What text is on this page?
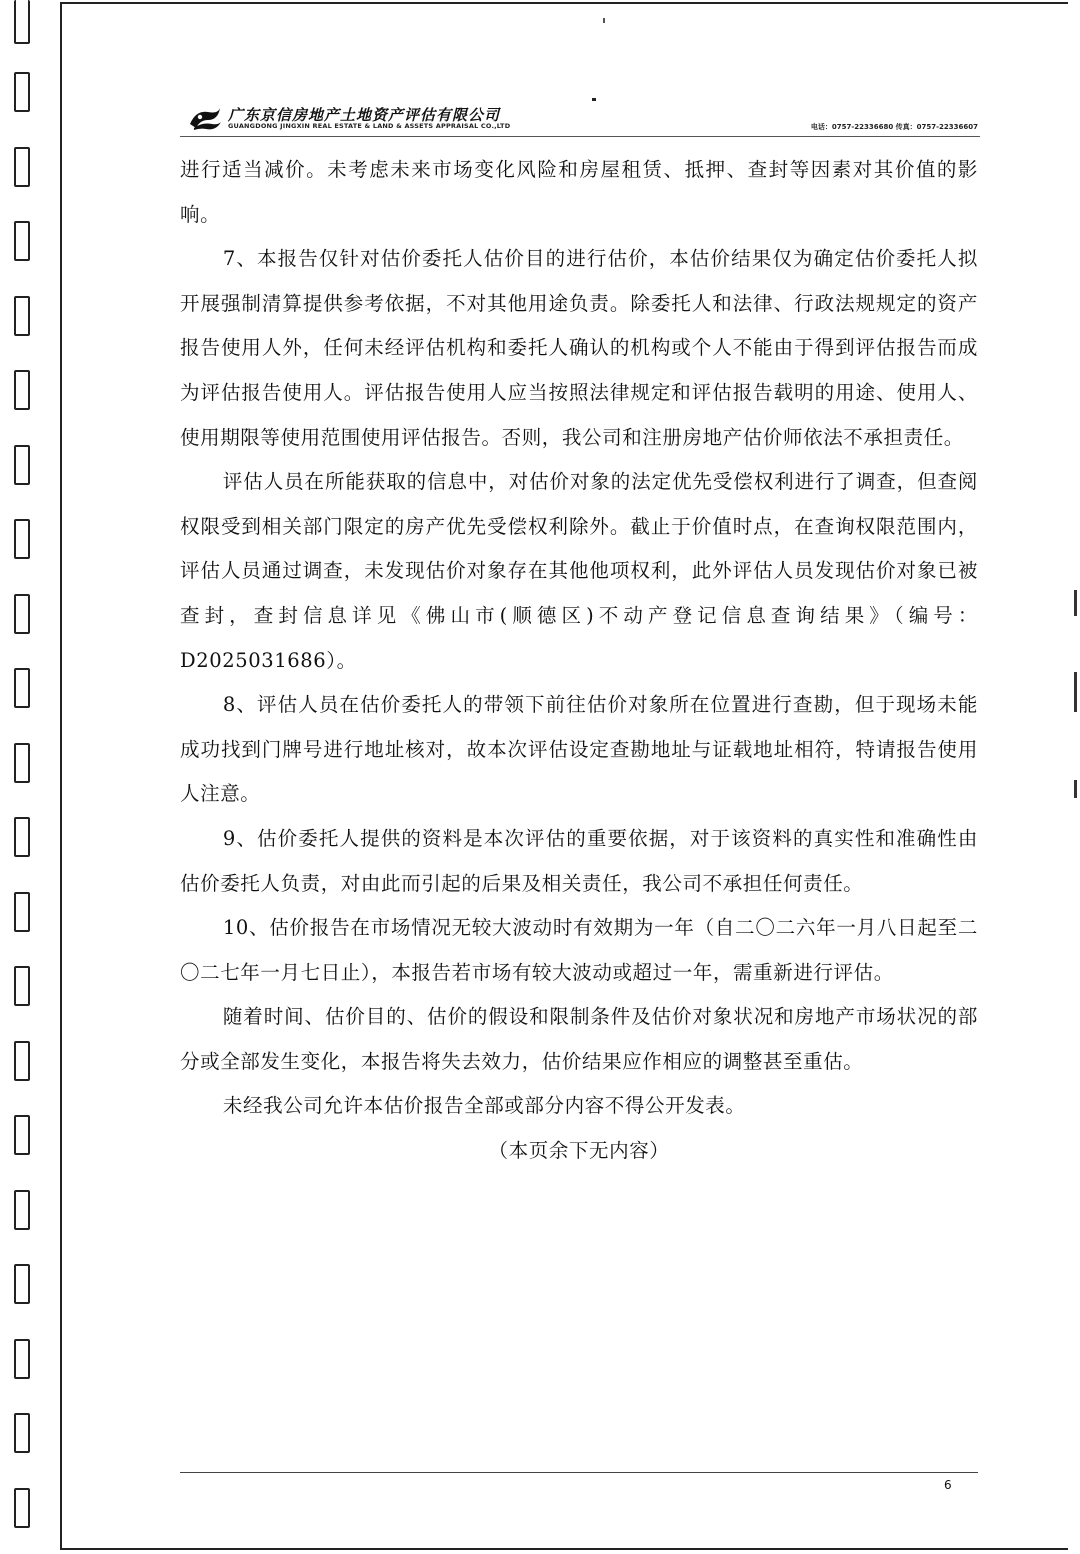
广东京信房地产土地资产评估有限公司
GUANGDONG JINGXIN REAL ESTATE & LAND & ASSETS APPRAISAL CO.,LTD	电话：0757-22336680 传真：0757-22336607

进行适当减价。未考虑未来市场变化风险和房屋租赁、抵押、查封等因素对其价值的影响。

7、本报告仅针对估价委托人估价目的进行估价，本估价结果仅为确定估价委托人拟开展强制清算提供参考依据，不对其他用途负责。除委托人和法律、行政法规规定的资产报告使用人外，任何未经评估机构和委托人确认的机构或个人不能由于得到评估报告而成为评估报告使用人。评估报告使用人应当按照法律规定和评估报告载明的用途、使用人、使用期限等使用范围使用评估报告。否则，我公司和注册房地产估价师依法不承担责任。

评估人员在所能获取的信息中，对估价对象的法定优先受偿权利进行了调查，但查阅权限受到相关部门限定的房产优先受偿权利除外。截止于价值时点，在查询权限范围内，评估人员通过调查，未发现估价对象存在其他他项权利，此外评估人员发现估价对象已被查封，查封信息详见《佛山市(顺德区)不动产登记信息查询结果》（编号：D2025031686）。

8、评估人员在估价委托人的带领下前往估价对象所在位置进行查勘，但于现场未能成功找到门牌号进行地址核对，故本次评估设定查勘地址与证载地址相符，特请报告使用人注意。

9、估价委托人提供的资料是本次评估的重要依据，对于该资料的真实性和准确性由估价委托人负责，对由此而引起的后果及相关责任，我公司不承担任何责任。

10、估价报告在市场情况无较大波动时有效期为一年（自二〇二六年一月八日起至二〇二七年一月七日止），本报告若市场有较大波动或超过一年，需重新进行评估。

随着时间、估价目的、估价的假设和限制条件及估价对象状况和房地产市场状况的部分或全部发生变化，本报告将失去效力，估价结果应作相应的调整甚至重估。

未经我公司允许本估价报告全部或部分内容不得公开发表。

（本页余下无内容）

6
